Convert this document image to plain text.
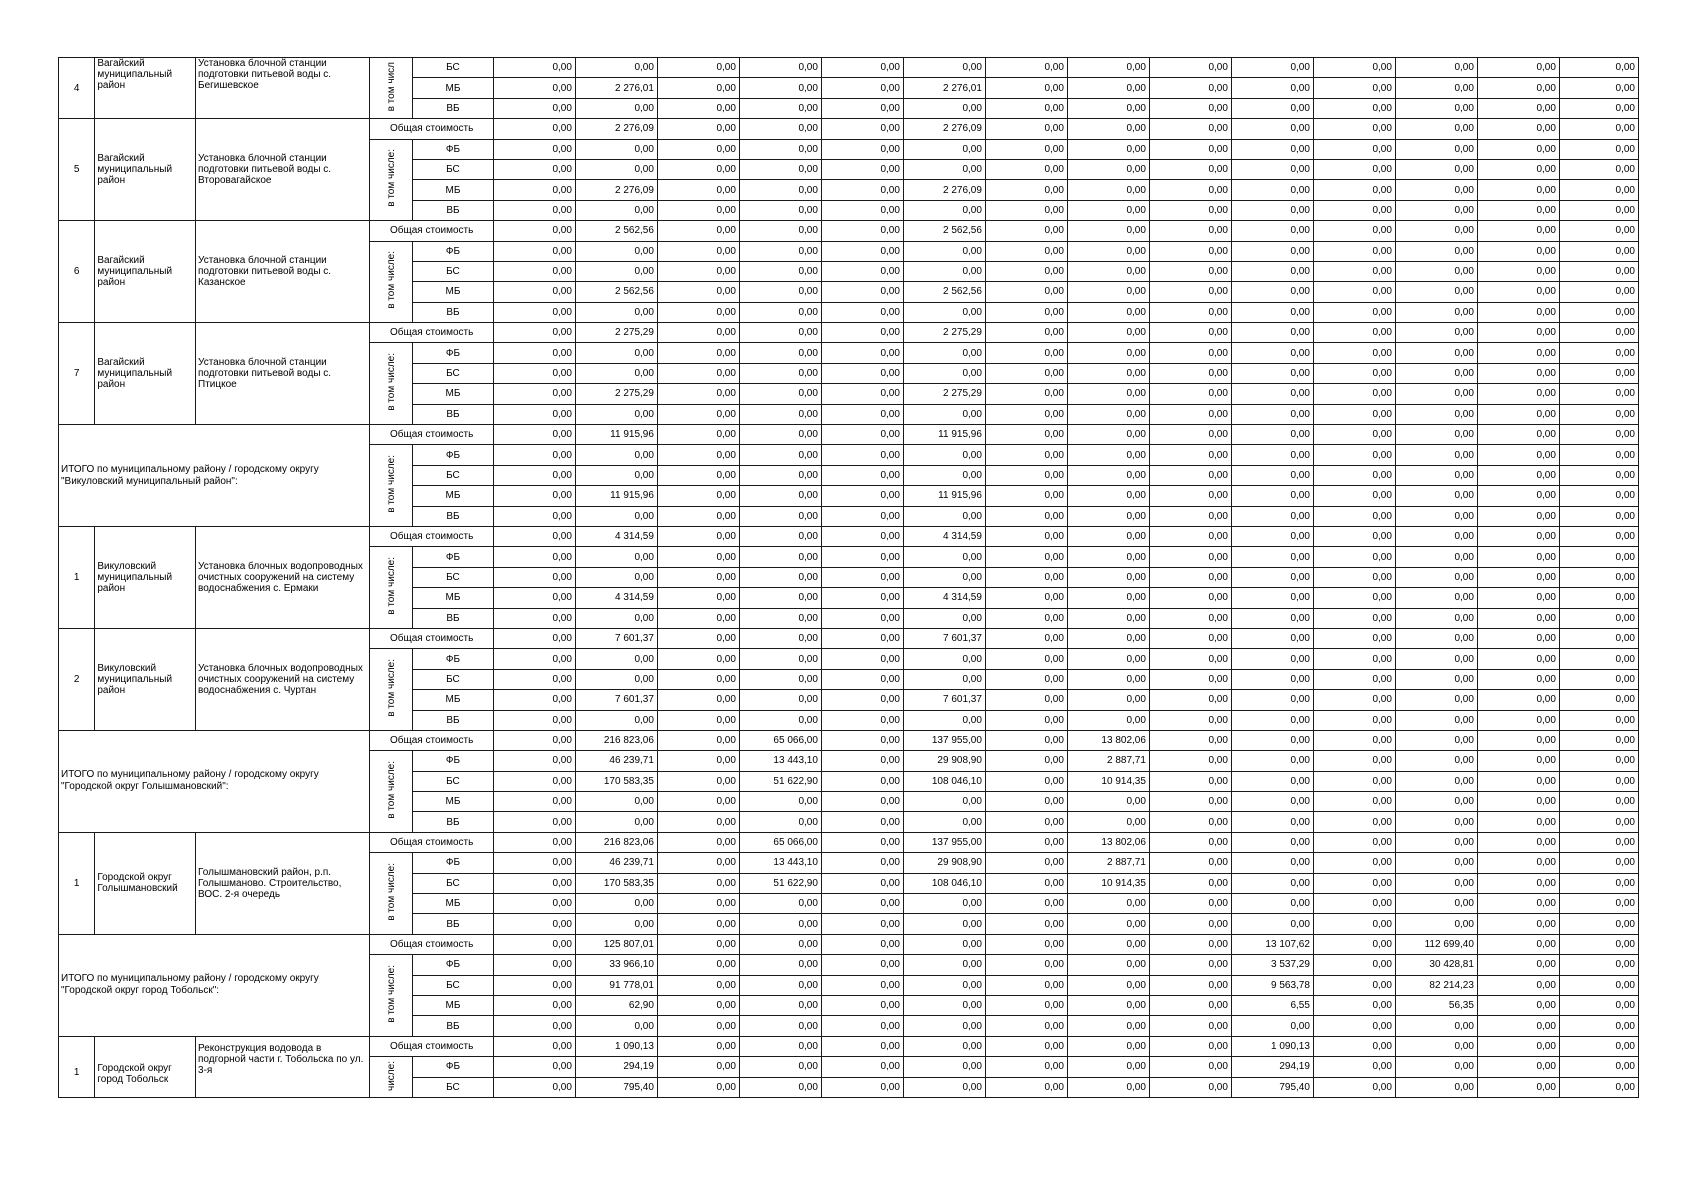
4	Вагайский муниципальный район	Установка блочной станции подготовки питьевой воды с. Бегишевское	в том числ	БС	0,00	0,00	0,00	0,00	0,00	0,00	0,00	0,00	0,00	0,00	0,00	0,00	0,00	0,00
				МБ	0,00	2 276,01	0,00	0,00	0,00	2 276,01	0,00	0,00	0,00	0,00	0,00	0,00	0,00	0,00
				ВБ	0,00	0,00	0,00	0,00	0,00	0,00	0,00	0,00	0,00	0,00	0,00	0,00	0,00	0,00
5	Вагайский муниципальный район	Установка блочной станции подготовки питьевой воды с. Второвагайское	Общая стоимость		0,00	2 276,09	0,00	0,00	0,00	2 276,09	0,00	0,00	0,00	0,00	0,00	0,00	0,00	0,00
			в том числе:	ФБ	0,00	0,00	0,00	0,00	0,00	0,00	0,00	0,00	0,00	0,00	0,00	0,00	0,00	0,00
				БС	0,00	0,00	0,00	0,00	0,00	0,00	0,00	0,00	0,00	0,00	0,00	0,00	0,00	0,00
				МБ	0,00	2 276,09	0,00	0,00	0,00	2 276,09	0,00	0,00	0,00	0,00	0,00	0,00	0,00	0,00
				ВБ	0,00	0,00	0,00	0,00	0,00	0,00	0,00	0,00	0,00	0,00	0,00	0,00	0,00	0,00
6	Вагайский муниципальный район	Установка блочной станции подготовки питьевой воды с. Казанское	Общая стоимость		0,00	2 562,56	0,00	0,00	0,00	2 562,56	0,00	0,00	0,00	0,00	0,00	0,00	0,00	0,00
			в том числе:	ФБ	0,00	0,00	0,00	0,00	0,00	0,00	0,00	0,00	0,00	0,00	0,00	0,00	0,00	0,00
				БС	0,00	0,00	0,00	0,00	0,00	0,00	0,00	0,00	0,00	0,00	0,00	0,00	0,00	0,00
				МБ	0,00	2 562,56	0,00	0,00	0,00	2 562,56	0,00	0,00	0,00	0,00	0,00	0,00	0,00	0,00
				ВБ	0,00	0,00	0,00	0,00	0,00	0,00	0,00	0,00	0,00	0,00	0,00	0,00	0,00	0,00
7	Вагайский муниципальный район	Установка блочной станции подготовки питьевой воды с. Птицкое	Общая стоимость		0,00	2 275,29	0,00	0,00	0,00	2 275,29	0,00	0,00	0,00	0,00	0,00	0,00	0,00	0,00
			в том числе:	ФБ	0,00	0,00	0,00	0,00	0,00	0,00	0,00	0,00	0,00	0,00	0,00	0,00	0,00	0,00
				БС	0,00	0,00	0,00	0,00	0,00	0,00	0,00	0,00	0,00	0,00	0,00	0,00	0,00	0,00
				МБ	0,00	2 275,29	0,00	0,00	0,00	2 275,29	0,00	0,00	0,00	0,00	0,00	0,00	0,00	0,00
				ВБ	0,00	0,00	0,00	0,00	0,00	0,00	0,00	0,00	0,00	0,00	0,00	0,00	0,00	0,00
ИТОГО по муниципальному району / городскому округу "Викуловский муниципальный район":			Общая стоимость		0,00	11 915,96	0,00	0,00	0,00	11 915,96	0,00	0,00	0,00	0,00	0,00	0,00	0,00	0,00
			в том числе:	ФБ	0,00	0,00	0,00	0,00	0,00	0,00	0,00	0,00	0,00	0,00	0,00	0,00	0,00	0,00
				БС	0,00	0,00	0,00	0,00	0,00	0,00	0,00	0,00	0,00	0,00	0,00	0,00	0,00	0,00
				МБ	0,00	11 915,96	0,00	0,00	0,00	11 915,96	0,00	0,00	0,00	0,00	0,00	0,00	0,00	0,00
				ВБ	0,00	0,00	0,00	0,00	0,00	0,00	0,00	0,00	0,00	0,00	0,00	0,00	0,00	0,00
1	Викуловский муниципальный район	Установка блочных водопроводных очистных сооружений на систему водоснабжения с. Ермаки	Общая стоимость		0,00	4 314,59	0,00	0,00	0,00	4 314,59	0,00	0,00	0,00	0,00	0,00	0,00	0,00	0,00
			в том числе:	ФБ	0,00	0,00	0,00	0,00	0,00	0,00	0,00	0,00	0,00	0,00	0,00	0,00	0,00	0,00
				БС	0,00	0,00	0,00	0,00	0,00	0,00	0,00	0,00	0,00	0,00	0,00	0,00	0,00	0,00
				МБ	0,00	4 314,59	0,00	0,00	0,00	4 314,59	0,00	0,00	0,00	0,00	0,00	0,00	0,00	0,00
				ВБ	0,00	0,00	0,00	0,00	0,00	0,00	0,00	0,00	0,00	0,00	0,00	0,00	0,00	0,00
2	Викуловский муниципальный район	Установка блочных водопроводных очистных сооружений на систему водоснабжения с. Чуртан	Общая стоимость		0,00	7 601,37	0,00	0,00	0,00	7 601,37	0,00	0,00	0,00	0,00	0,00	0,00	0,00	0,00
			в том числе:	ФБ	0,00	0,00	0,00	0,00	0,00	0,00	0,00	0,00	0,00	0,00	0,00	0,00	0,00	0,00
				БС	0,00	0,00	0,00	0,00	0,00	0,00	0,00	0,00	0,00	0,00	0,00	0,00	0,00	0,00
				МБ	0,00	7 601,37	0,00	0,00	0,00	7 601,37	0,00	0,00	0,00	0,00	0,00	0,00	0,00	0,00
				ВБ	0,00	0,00	0,00	0,00	0,00	0,00	0,00	0,00	0,00	0,00	0,00	0,00	0,00	0,00
ИТОГО по муниципальному району / городскому округу "Городской округ Голышмановский":			Общая стоимость		0,00	216 823,06	0,00	65 066,00	0,00	137 955,00	0,00	13 802,06	0,00	0,00	0,00	0,00	0,00	0,00
			в том числе:	ФБ	0,00	46 239,71	0,00	13 443,10	0,00	29 908,90	0,00	2 887,71	0,00	0,00	0,00	0,00	0,00	0,00
				БС	0,00	170 583,35	0,00	51 622,90	0,00	108 046,10	0,00	10 914,35	0,00	0,00	0,00	0,00	0,00	0,00
				МБ	0,00	0,00	0,00	0,00	0,00	0,00	0,00	0,00	0,00	0,00	0,00	0,00	0,00	0,00
				ВБ	0,00	0,00	0,00	0,00	0,00	0,00	0,00	0,00	0,00	0,00	0,00	0,00	0,00	0,00
1	Городской округ Голышмановский	Голышмановский район, р.п. Голышманово. Строительство, ВОС. 2-я очередь	Общая стоимость		0,00	216 823,06	0,00	65 066,00	0,00	137 955,00	0,00	13 802,06	0,00	0,00	0,00	0,00	0,00	0,00
			в том числе:	ФБ	0,00	46 239,71	0,00	13 443,10	0,00	29 908,90	0,00	2 887,71	0,00	0,00	0,00	0,00	0,00	0,00
				БС	0,00	170 583,35	0,00	51 622,90	0,00	108 046,10	0,00	10 914,35	0,00	0,00	0,00	0,00	0,00	0,00
				МБ	0,00	0,00	0,00	0,00	0,00	0,00	0,00	0,00	0,00	0,00	0,00	0,00	0,00	0,00
				ВБ	0,00	0,00	0,00	0,00	0,00	0,00	0,00	0,00	0,00	0,00	0,00	0,00	0,00	0,00
ИТОГО по муниципальному району / городскому округу "Городской округ город Тобольск":			Общая стоимость		0,00	125 807,01	0,00	0,00	0,00	0,00	0,00	0,00	0,00	13 107,62	0,00	112 699,40	0,00	0,00
			в том числе:	ФБ	0,00	33 966,10	0,00	0,00	0,00	0,00	0,00	0,00	0,00	3 537,29	0,00	30 428,81	0,00	0,00
				БС	0,00	91 778,01	0,00	0,00	0,00	0,00	0,00	0,00	0,00	9 563,78	0,00	82 214,23	0,00	0,00
				МБ	0,00	62,90	0,00	0,00	0,00	0,00	0,00	0,00	0,00	6,55	0,00	56,35	0,00	0,00
				ВБ	0,00	0,00	0,00	0,00	0,00	0,00	0,00	0,00	0,00	0,00	0,00	0,00	0,00	0,00
1	Городской округ город Тобольск	Реконструкция водовода в подгорной части г. Тобольска по ул. 3-я	Общая стоимость		0,00	1 090,13	0,00	0,00	0,00	0,00	0,00	0,00	0,00	1 090,13	0,00	0,00	0,00	0,00
			числе:	ФБ	0,00	294,19	0,00	0,00	0,00	0,00	0,00	0,00	0,00	294,19	0,00	0,00	0,00	0,00
				БС	0,00	795,40	0,00	0,00	0,00	0,00	0,00	0,00	0,00	795,40	0,00	0,00	0,00	0,00
